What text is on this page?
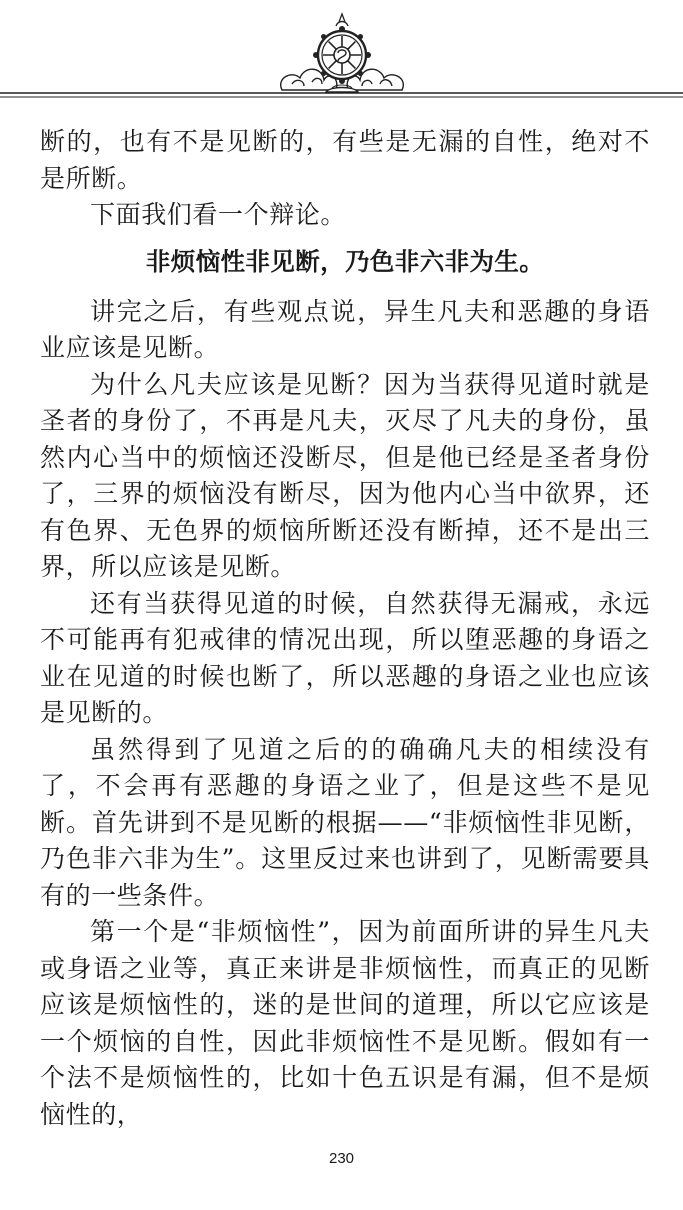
断的，也有不是见断的，有些是无漏的自性，绝对不是所断。

下面我们看一个辩论。

非烦恼性非见断，乃色非六非为生。

讲完之后，有些观点说，异生凡夫和恶趣的身语业应该是见断。

为什么凡夫应该是见断？因为当获得见道时就是圣者的身份了，不再是凡夫，灭尽了凡夫的身份，虽然内心当中的烦恼还没断尽，但是他已经是圣者身份了，三界的烦恼没有断尽，因为他内心当中欲界，还有色界、无色界的烦恼所断还没有断掉，还不是出三界，所以应该是见断。

还有当获得见道的时候，自然获得无漏戒，永远不可能再有犯戒律的情况出现，所以堕恶趣的身语之业在见道的时候也断了，所以恶趣的身语之业也应该是见断的。

虽然得到了见道之后的的确确凡夫的相续没有了，不会再有恶趣的身语之业了，但是这些不是见断。首先讲到不是见断的根据——“非烦恼性非见断，乃色非六非为生”。这里反过来也讲到了，见断需要具有的一些条件。

第一个是“非烦恼性”，因为前面所讲的异生凡夫或身语之业等，真正来讲是非烦恼性，而真正的见断应该是烦恼性的，迷的是世间的道理，所以它应该是一个烦恼的自性，因此非烦恼性不是见断。假如有一个法不是烦恼性的，比如十色五识是有漏，但不是烦恼性的，

230
